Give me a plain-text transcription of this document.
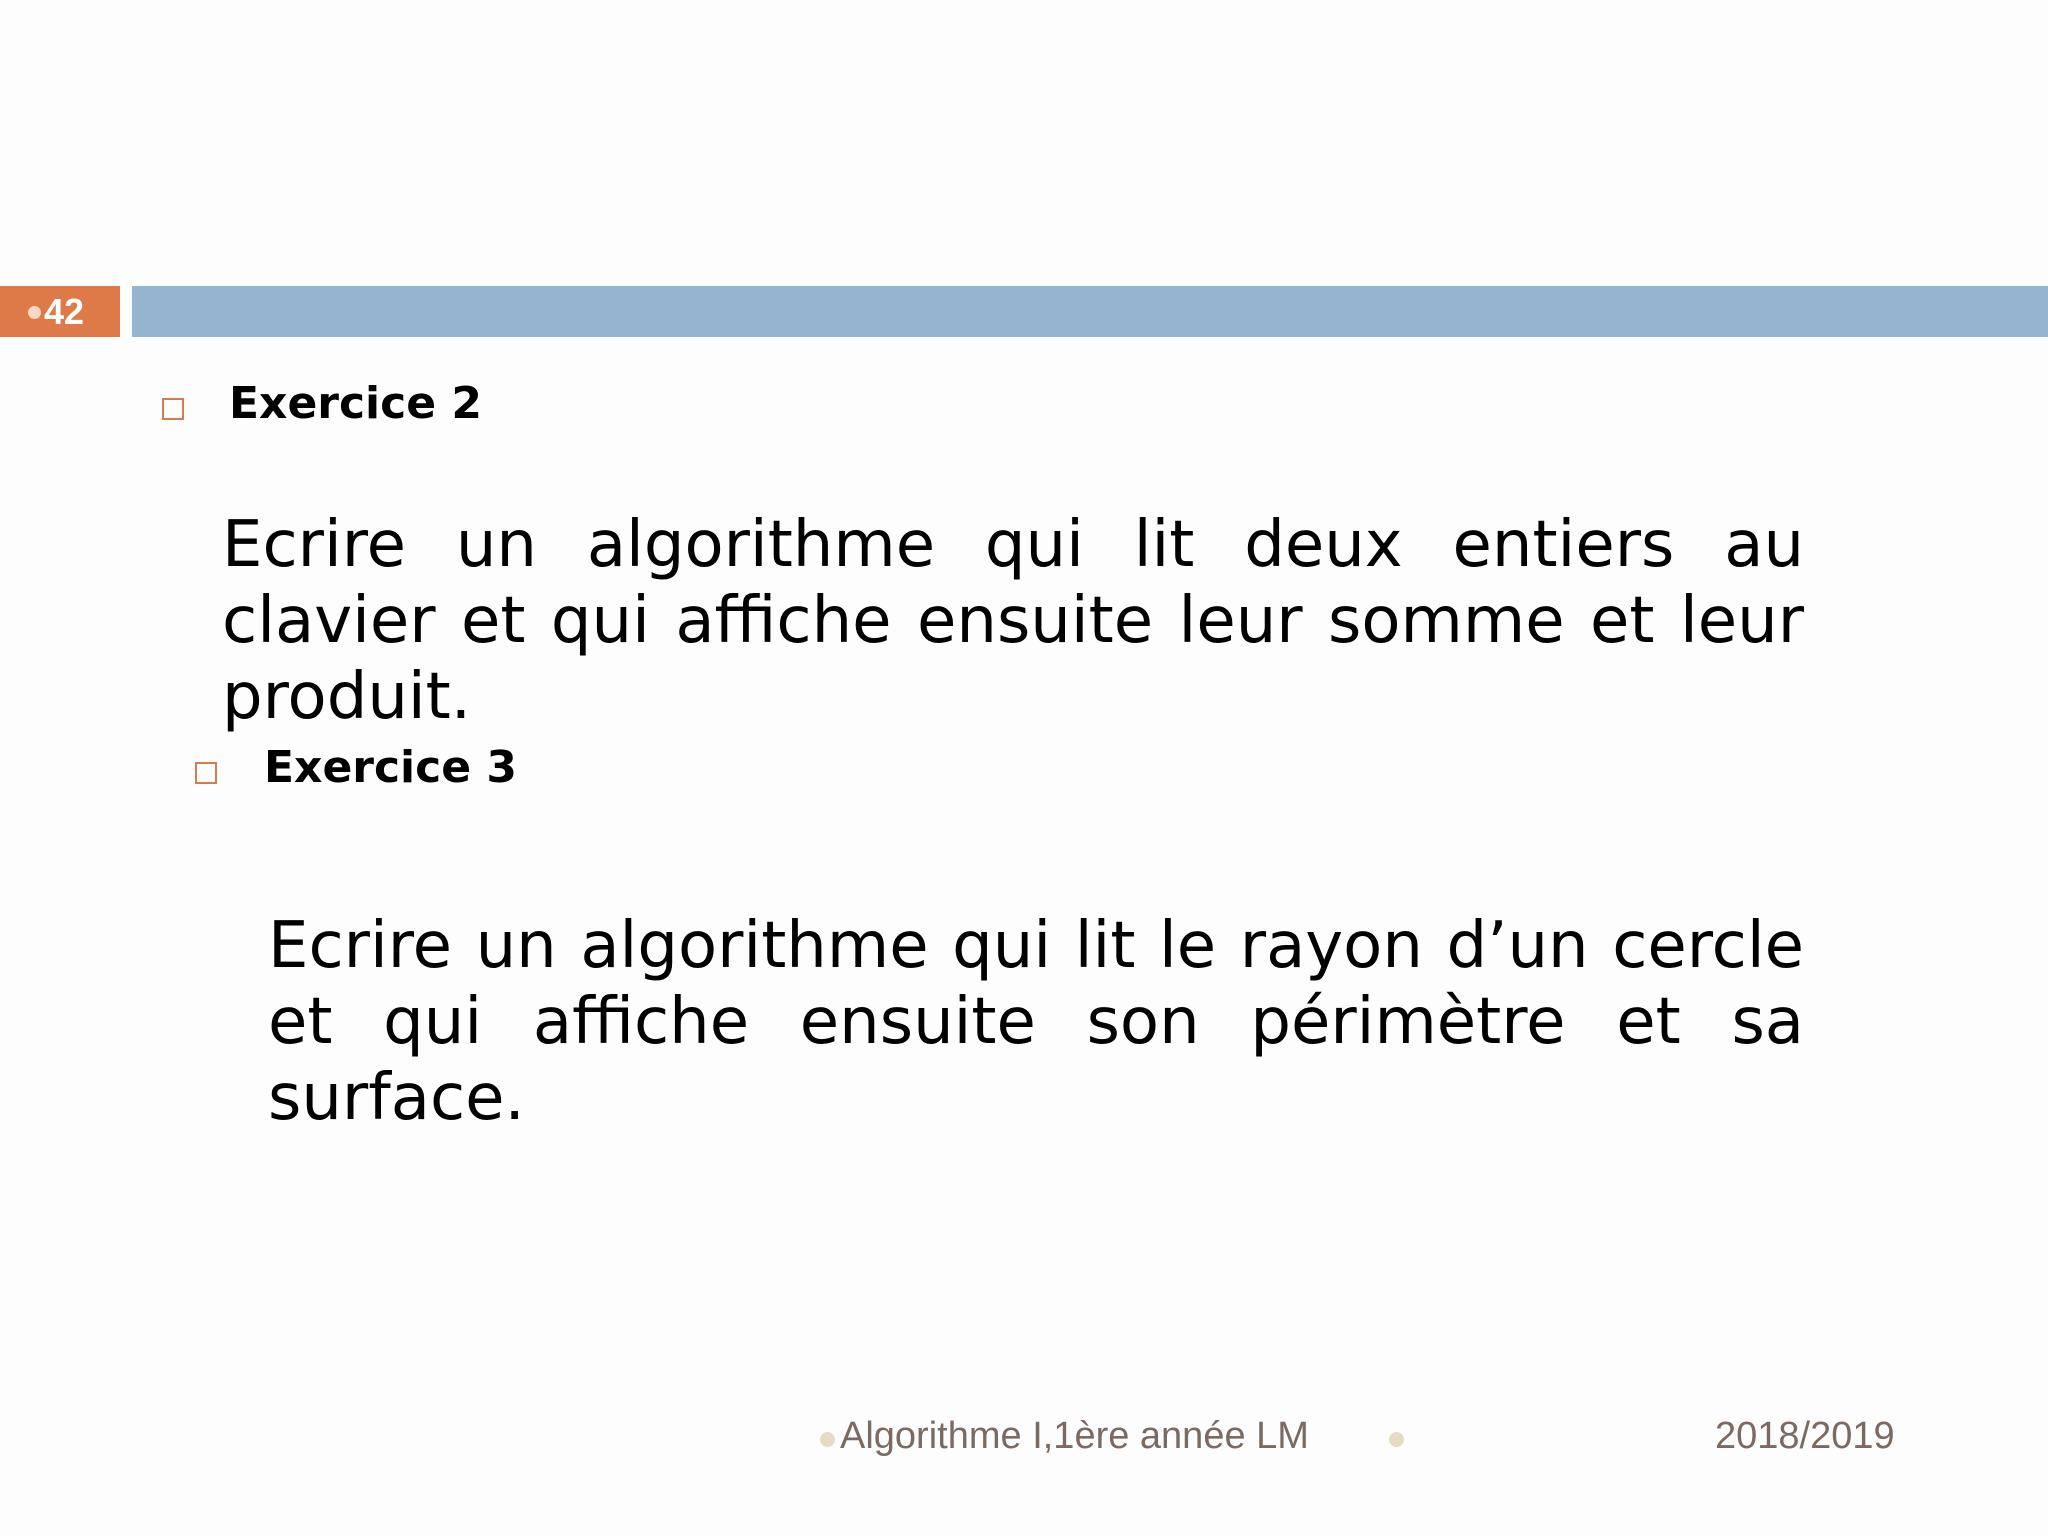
42
Exercice 2
Ecrire un algorithme qui lit deux entiers au clavier et qui affiche ensuite leur somme et leur produit.
Exercice 3
Ecrire un algorithme qui lit le rayon d’un cercle et qui affiche ensuite son périmètre et sa surface.
Algorithme I,1ère année LM	2018/2019
